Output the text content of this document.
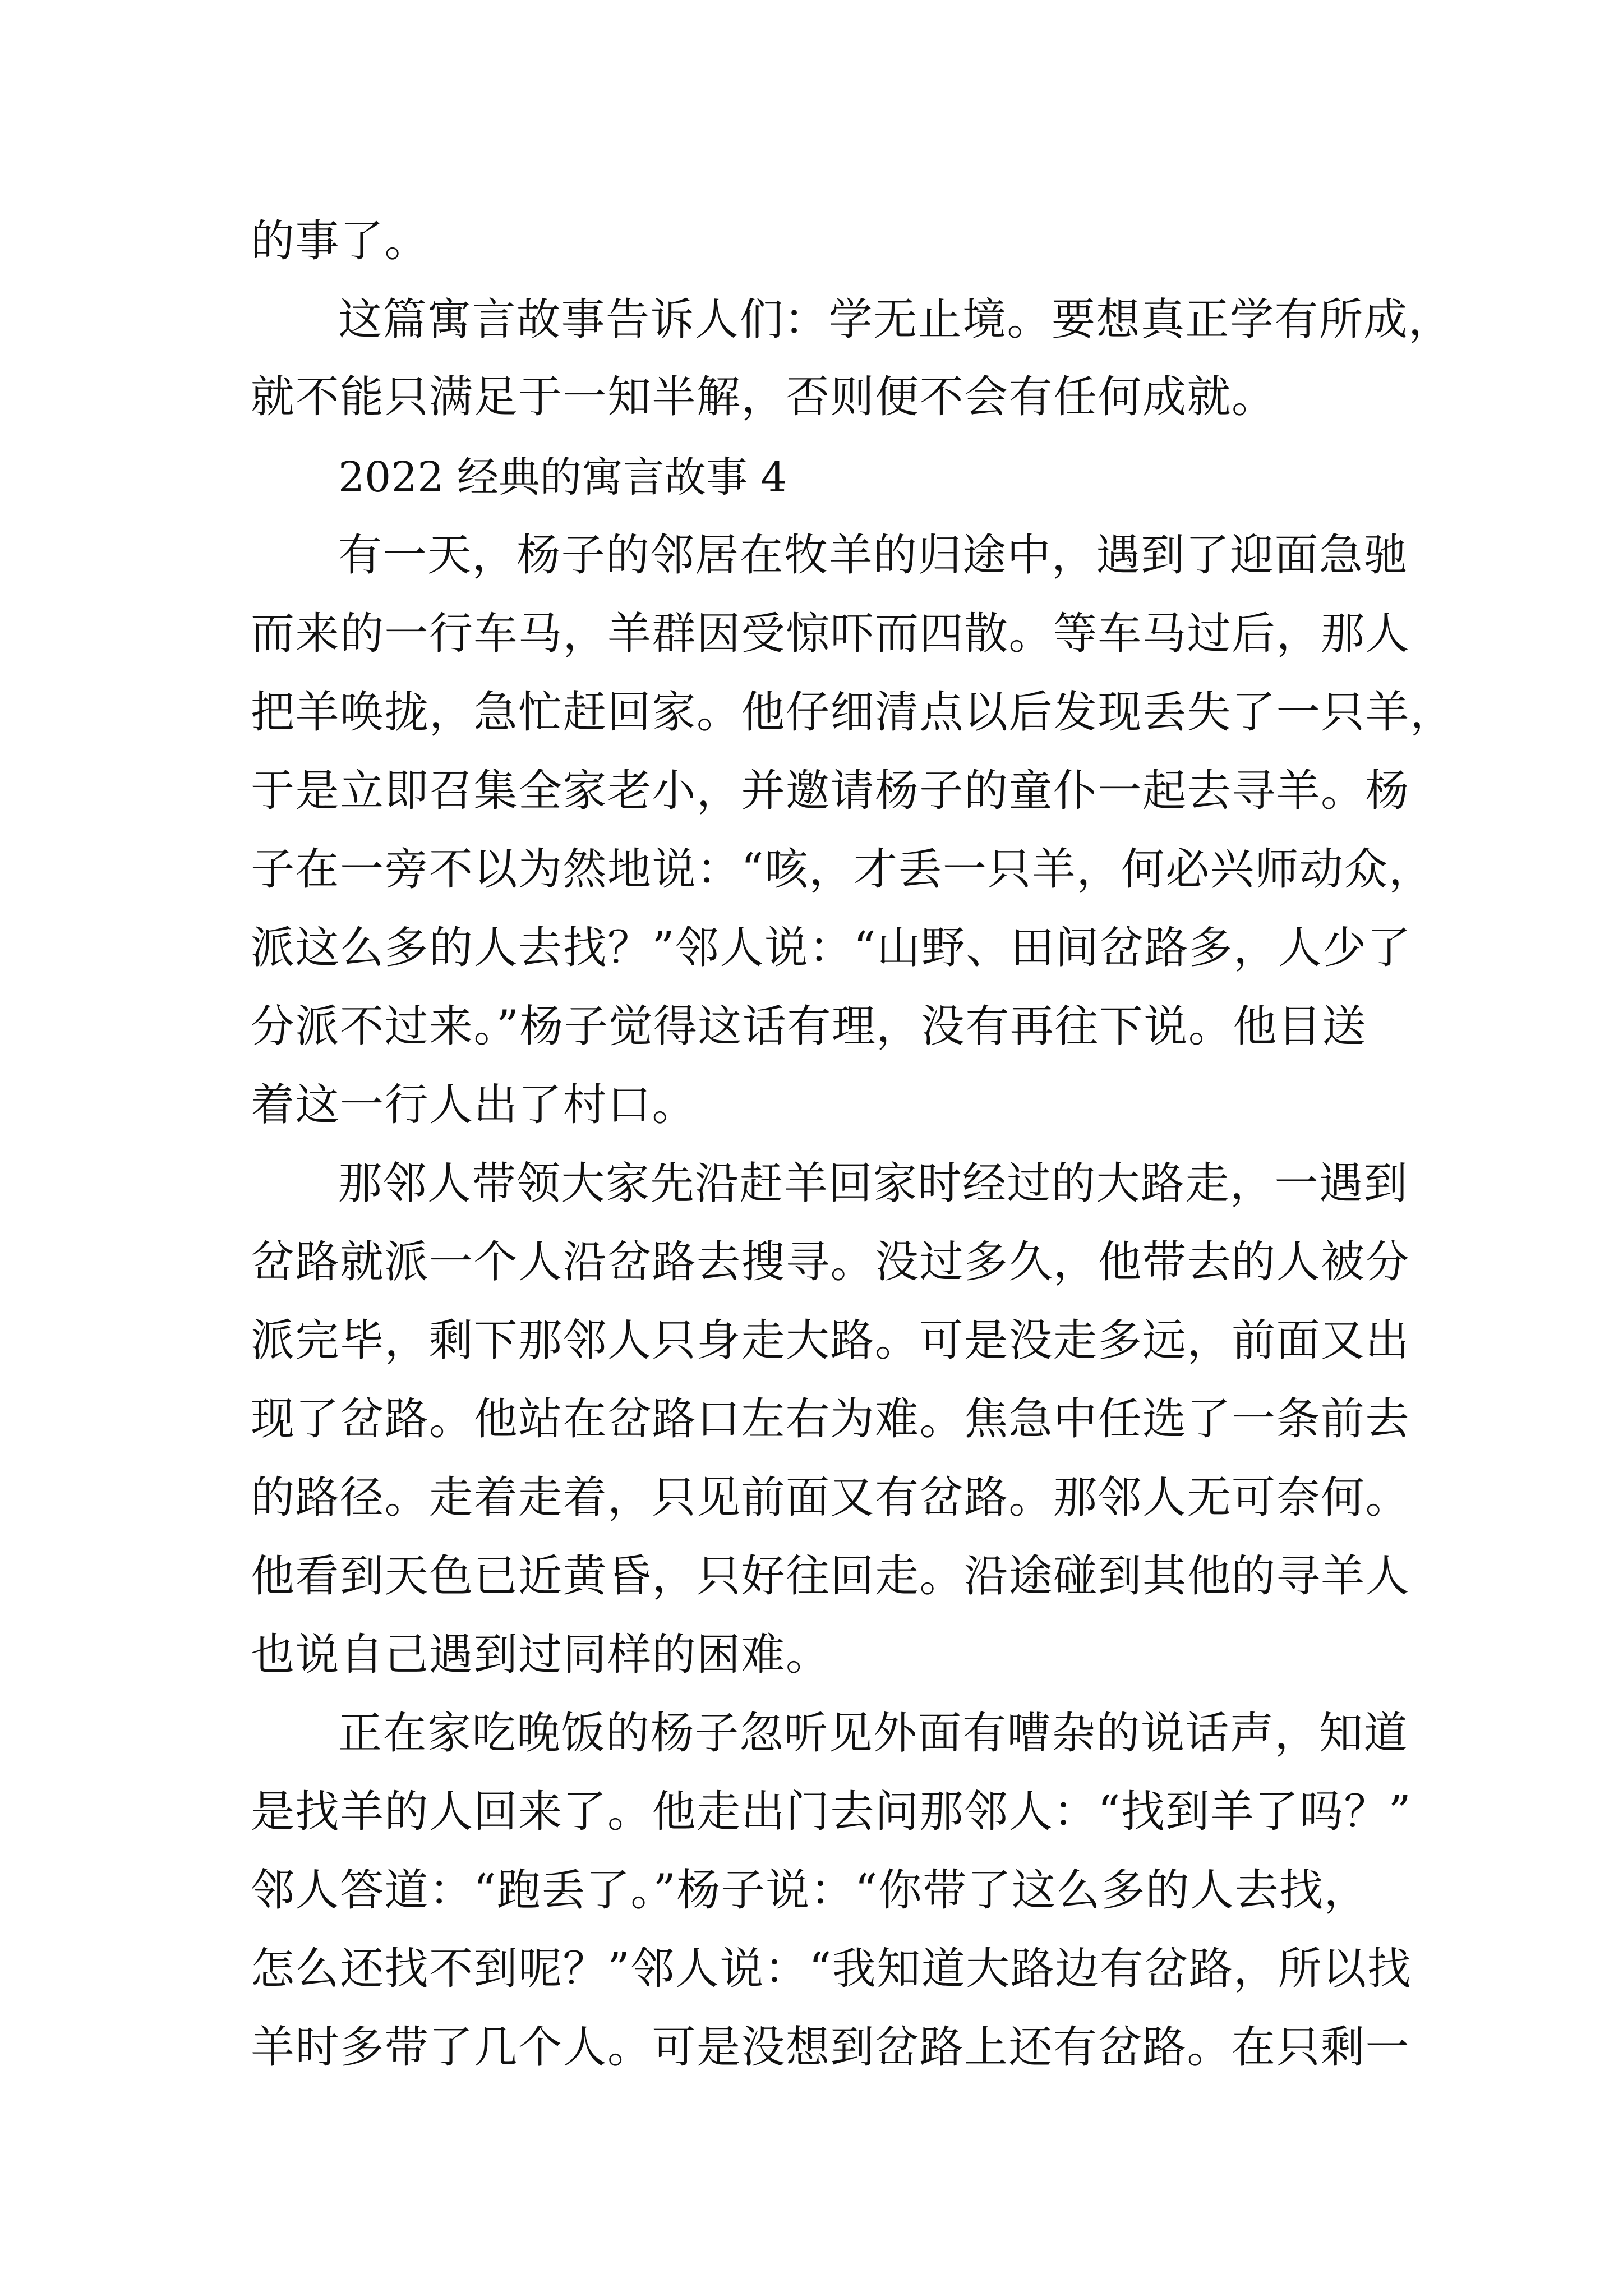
的事了。
这篇寓言故事告诉人们：学无止境。要想真正学有所成，
就不能只满足于一知半解，否则便不会有任何成就。
2022 经典的寓言故事 4
有一天，杨子的邻居在牧羊的归途中，遇到了迎面急驰
而来的一行车马，羊群因受惊吓而四散。等车马过后，那人
把羊唤拢，急忙赶回家。他仔细清点以后发现丢失了一只羊，
于是立即召集全家老小，并邀请杨子的童仆一起去寻羊。杨
子在一旁不以为然地说：“咳，才丢一只羊，何必兴师动众，
派这么多的人去找？”邻人说：“山野、田间岔路多，人少了
分派不过来。”杨子觉得这话有理，没有再往下说。他目送
着这一行人出了村口。
那邻人带领大家先沿赶羊回家时经过的大路走，一遇到
岔路就派一个人沿岔路去搜寻。没过多久，他带去的人被分
派完毕，剩下那邻人只身走大路。可是没走多远，前面又出
现了岔路。他站在岔路口左右为难。焦急中任选了一条前去
的路径。走着走着，只见前面又有岔路。那邻人无可奈何。
他看到天色已近黄昏，只好往回走。沿途碰到其他的寻羊人
也说自己遇到过同样的困难。
正在家吃晚饭的杨子忽听见外面有嘈杂的说话声，知道
是找羊的人回来了。他走出门去问那邻人：“找到羊了吗？”
邻人答道：“跑丢了。”杨子说：“你带了这么多的人去找，
怎么还找不到呢？”邻人说：“我知道大路边有岔路，所以找
羊时多带了几个人。可是没想到岔路上还有岔路。在只剩一
